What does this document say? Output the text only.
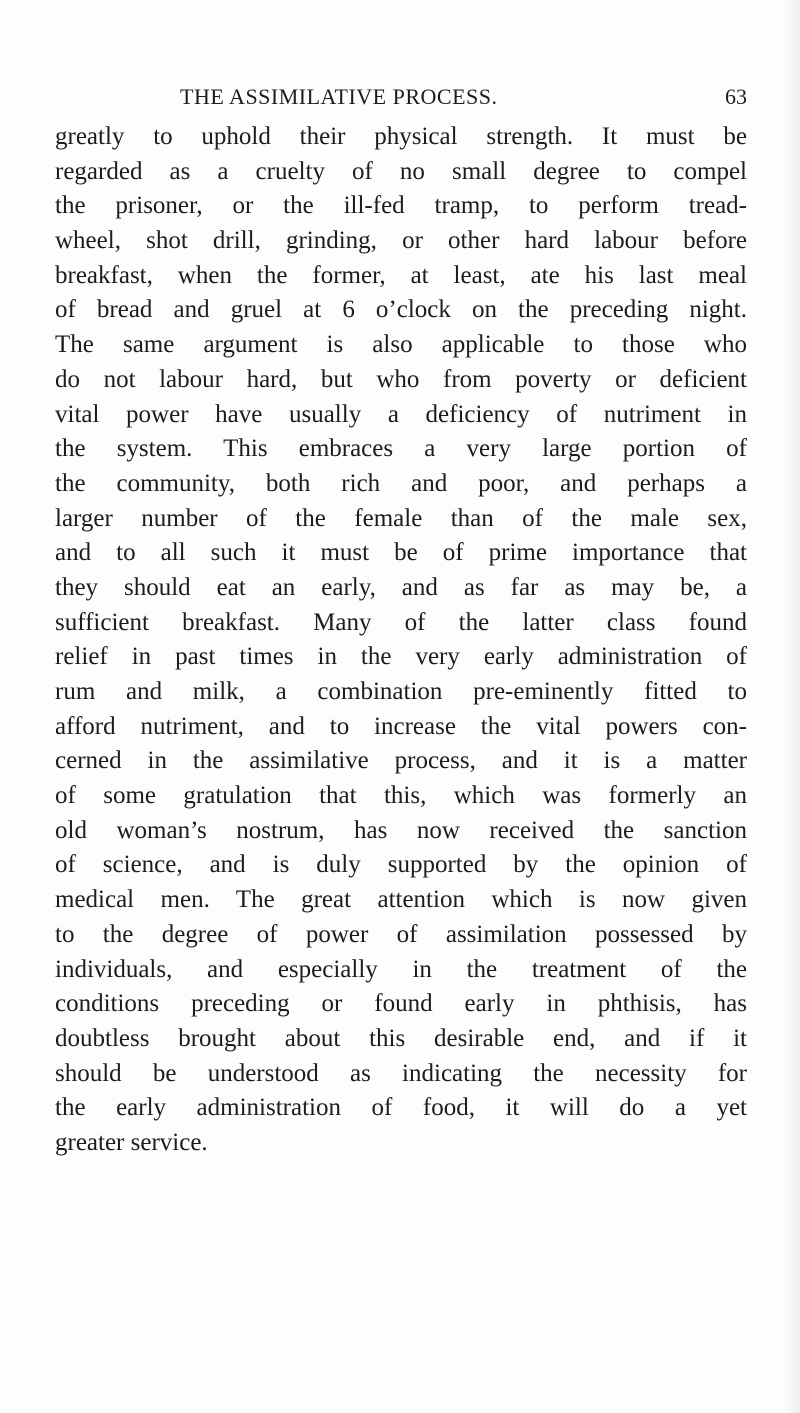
THE ASSIMILATIVE PROCESS.	63
greatly to uphold their physical strength. It must be
regarded as a cruelty of no small degree to compel
the prisoner, or the ill-fed tramp, to perform tread-
wheel, shot drill, grinding, or other hard labour before
breakfast, when the former, at least, ate his last meal
of bread and gruel at 6 o’clock on the preceding night.
The same argument is also applicable to those who
do not labour hard, but who from poverty or deficient
vital power have usually a deficiency of nutriment in
the system. This embraces a very large portion of
the community, both rich and poor, and perhaps a
larger number of the female than of the male sex,
and to all such it must be of prime importance that
they should eat an early, and as far as may be, a
sufficient breakfast. Many of the latter class found
relief in past times in the very early administration of
rum and milk, a combination pre-eminently fitted to
afford nutriment, and to increase the vital powers con-
cerned in the assimilative process, and it is a matter
of some gratulation that this, which was formerly an
old woman’s nostrum, has now received the sanction
of science, and is duly supported by the opinion of
medical men. The great attention which is now given
to the degree of power of assimilation possessed by
individuals, and especially in the treatment of the
conditions preceding or found early in phthisis, has
doubtless brought about this desirable end, and if it
should be understood as indicating the necessity for
the early administration of food, it will do a yet
greater service.
